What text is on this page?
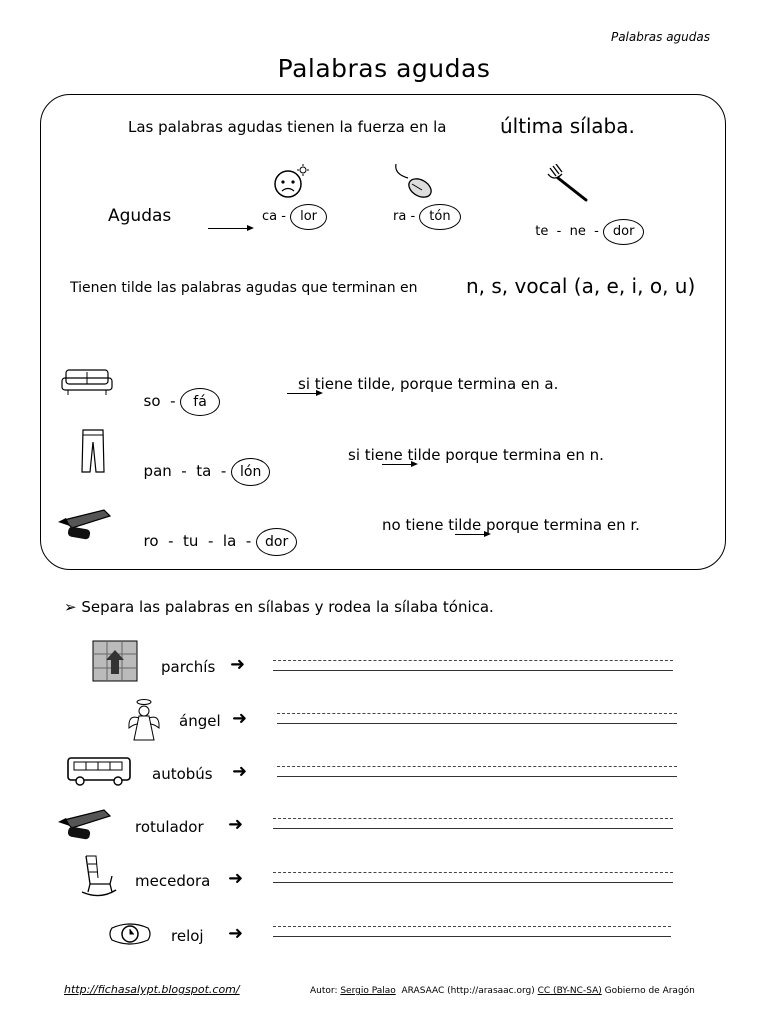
Palabras agudas
Palabras agudas
Las palabras agudas tienen la fuerza en la	última sílaba.
Agudas
	ca - lor	ra - tón

te  -  ne  - dor

Tienen tilde las palabras agudas que terminan en n, s, vocal (a, e, i, o, u)

so  - fá

si tiene tilde, porque termina en a.

pan  -  ta  - lón

si tiene tilde porque termina en n.

ro  -  tu  -  la  - dor

no tiene tilde porque termina en r.
➢ Separa las palabras en sílabas y rodea la sílaba tónica.
parchís ➜
ángel ➜
autobús ➜
rotulador ➜
mecedora ➜
reloj ➜
http://fichasalypt.blogspot.com/	Autor: Sergio Palao  ARASAAC (http://arasaac.org) CC (BY-NC-SA) Gobierno de Aragón
